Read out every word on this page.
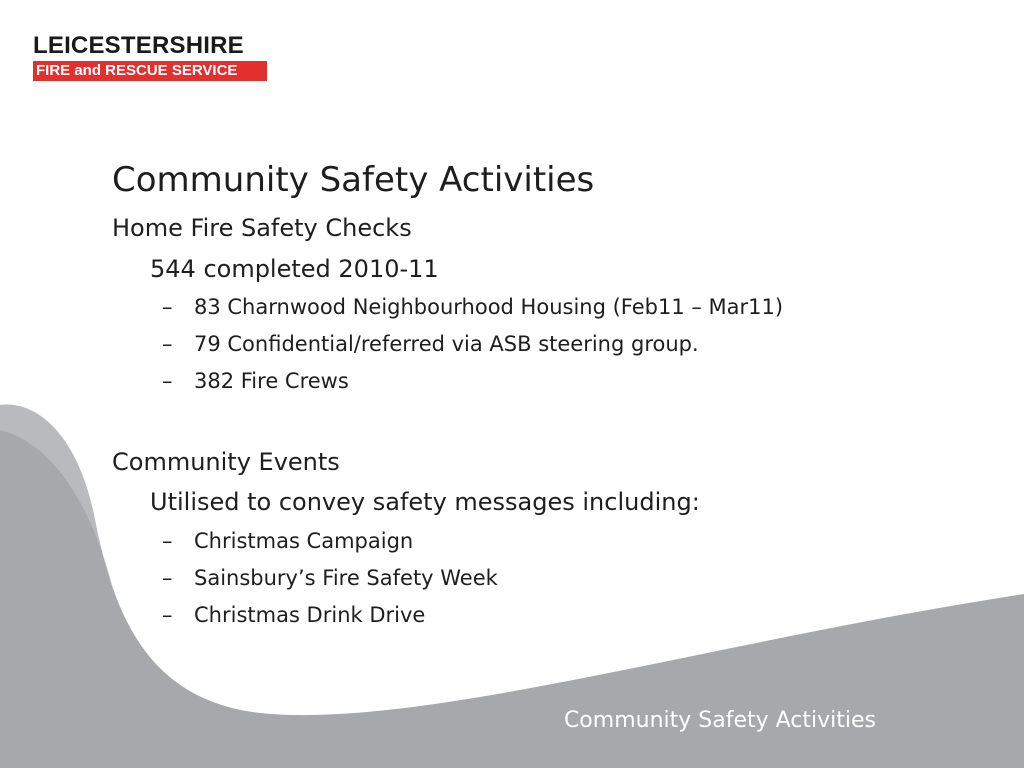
LEICESTERSHIRE
FIRE and RESCUE SERVICE
Community Safety Activities
Home Fire Safety Checks
544 completed 2010-11
– 83 Charnwood Neighbourhood Housing (Feb11 – Mar11)
– 79 Confidential/referred via ASB steering group.
– 382 Fire Crews
Community Events
Utilised to convey safety messages including:
– Christmas Campaign
– Sainsbury’s Fire Safety Week
– Christmas Drink Drive
Community Safety Activities
